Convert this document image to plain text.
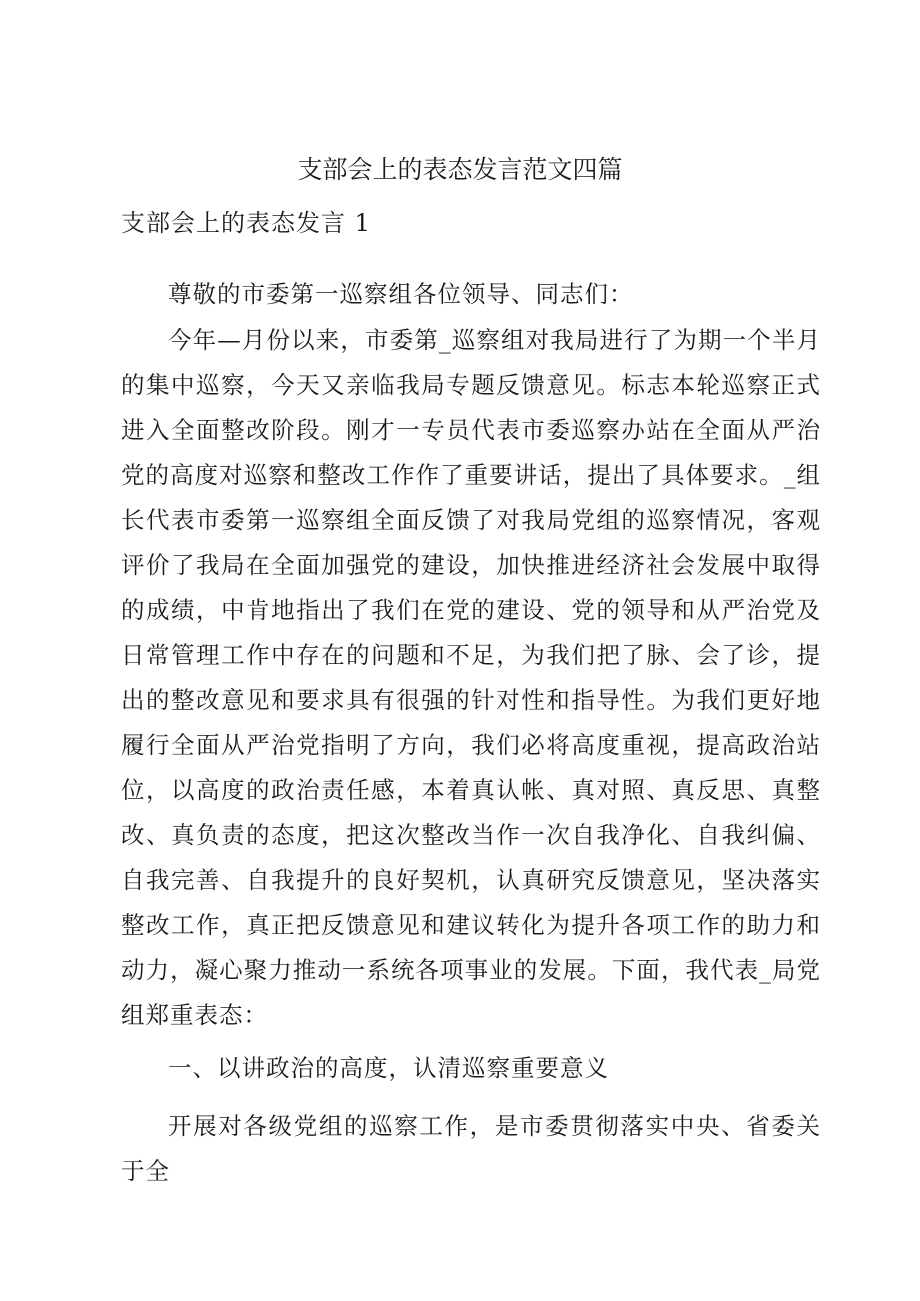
支部会上的表态发言范文四篇
支部会上的表态发言 1

尊敬的市委第一巡察组各位领导、同志们：

今年—月份以来，市委第_巡察组对我局进行了为期一个半月的集中巡察，今天又亲临我局专题反馈意见。标志本轮巡察正式进入全面整改阶段。刚才一专员代表市委巡察办站在全面从严治党的高度对巡察和整改工作作了重要讲话，提出了具体要求。_组长代表市委第一巡察组全面反馈了对我局党组的巡察情况，客观评价了我局在全面加强党的建设，加快推进经济社会发展中取得的成绩，中肯地指出了我们在党的建设、党的领导和从严治党及日常管理工作中存在的问题和不足，为我们把了脉、会了诊，提出的整改意见和要求具有很强的针对性和指导性。为我们更好地履行全面从严治党指明了方向，我们必将高度重视，提高政治站位，以高度的政治责任感，本着真认帐、真对照、真反思、真整改、真负责的态度，把这次整改当作一次自我净化、自我纠偏、自我完善、自我提升的良好契机，认真研究反馈意见，坚决落实整改工作，真正把反馈意见和建议转化为提升各项工作的助力和动力，凝心聚力推动一系统各项事业的发展。下面，我代表_局党组郑重表态：

一、以讲政治的高度，认清巡察重要意义

开展对各级党组的巡察工作，是市委贯彻落实中央、省委关于全
